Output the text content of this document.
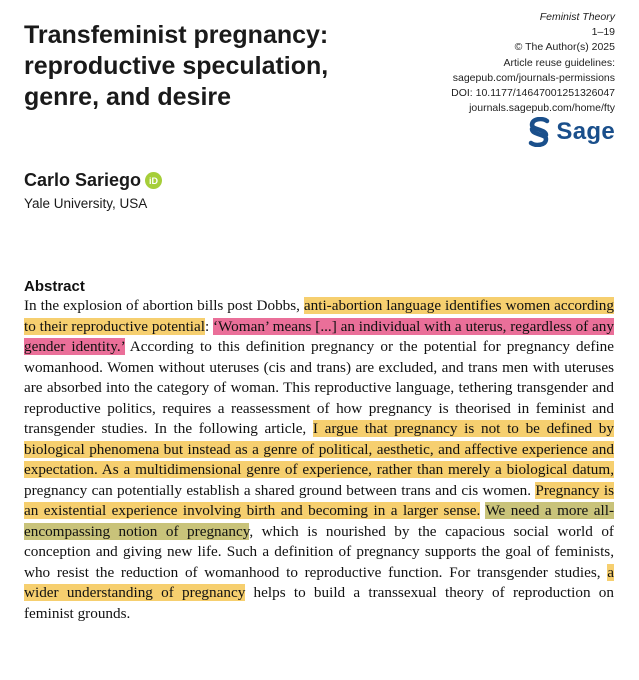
Transfeminist pregnancy: reproductive speculation, genre, and desire
Feminist Theory
1–19
© The Author(s) 2025
Article reuse guidelines:
sagepub.com/journals-permissions
DOI: 10.1177/14647001251326047
journals.sagepub.com/home/fty
Sage
Carlo Sariego iD
Yale University, USA
Abstract

In the explosion of abortion bills post Dobbs, anti-abortion language identifies women according to their reproductive potential: ‘Woman’ means [...] an individual with a uterus, regardless of any gender identity.’ According to this definition pregnancy or the potential for pregnancy define womanhood. Women without uteruses (cis and trans) are excluded, and trans men with uteruses are absorbed into the category of woman. This reproductive language, tethering transgender and reproductive politics, requires a reassessment of how pregnancy is theorised in feminist and transgender studies. In the following article, I argue that pregnancy is not to be defined by biological phenomena but instead as a genre of political, aesthetic, and affective experience and expectation. As a multidimensional genre of experience, rather than merely a biological datum, pregnancy can potentially establish a shared ground between trans and cis women. Pregnancy is an existential experience involving birth and becoming in a larger sense. We need a more all-encompassing notion of pregnancy, which is nourished by the capacious social world of conception and giving new life. Such a definition of pregnancy supports the goal of feminists, who resist the reduction of womanhood to reproductive function. For transgender studies, a wider understanding of pregnancy helps to build a transsexual theory of reproduction on feminist grounds.
